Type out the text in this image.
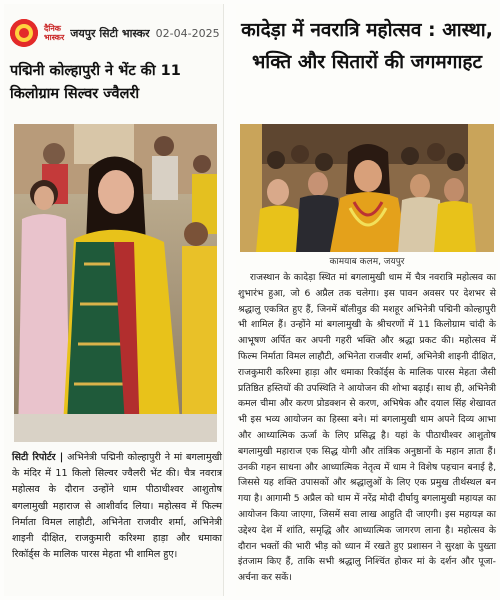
दैनिक भास्कर जयपुर सिटी भास्कर 02-04-2025
पद्मिनी कोल्हापुरी ने भेंट की 11 किलोग्राम सिल्वर ज्वैलरी
सिटी रिपोर्टर | अभिनेत्री पद्मिनी कोल्हापुरी ने मां बगलामुखी के मंदिर में 11 किलो सिल्वर ज्वैलरी भेंट की। चैत्र नवरात्र महोत्सव के दौरान उन्होंने धाम पीठाधीश्वर आशुतोष बगलामुखी महाराज से आशीर्वाद लिया। महोत्सव में फिल्म निर्माता विमल लाहौटी, अभिनेता राजवीर शर्मा, अभिनेत्री शाइनी दीक्षित, राजकुमारी करिश्मा हाड़ा और धमाका रिकॉर्ड्स के मालिक पारस मेहता भी शामिल हुए।
कादेड़ा में नवरात्रि महोत्सव : आस्था, भक्ति और सितारों की जगमगाहट
कामयाब कलम, जयपुर
राजस्थान के कादेड़ा स्थित मां बगलामुखी धाम में चैत्र नवरात्रि महोत्सव का शुभारंभ हुआ, जो 6 अप्रैल तक चलेगा। इस पावन अवसर पर देशभर से श्रद्धालु एकत्रित हुए हैं, जिनमें बॉलीवुड की मशहूर अभिनेत्री पद्मिनी कोल्हापुरी भी शामिल हैं। उन्होंने मां बगलामुखी के श्रीचरणों में 11 किलोग्राम चांदी के आभूषण अर्पित कर अपनी गहरी भक्ति और श्रद्धा प्रकट की। महोत्सव में फिल्म निर्माता विमल लाहौटी, अभिनेता राजवीर शर्मा, अभिनेत्री शाइनी दीक्षित, राजकुमारी करिश्मा हाड़ा और धमाका रिकॉर्ड्स के मालिक पारस मेहता जैसी प्रतिष्ठित हस्तियों की उपस्थिति ने आयोजन की शोभा बढ़ाई। साथ ही, अभिनेत्री कमल चीमा और करण प्रोडक्शन से करण, अभिषेक और दयाल सिंह शेखावत भी इस भव्य आयोजन का हिस्सा बने। मां बगलामुखी धाम अपने दिव्य आभा और आध्यात्मिक ऊर्जा के लिए प्रसिद्ध है। यहां के पीठाधीश्वर आशुतोष बगलामुखी महाराज एक सिद्ध योगी और तांत्रिक अनुष्ठानों के महान ज्ञाता हैं। उनकी गहन साधना और आध्यात्मिक नेतृत्व में धाम ने विशेष पहचान बनाई है, जिससे यह शक्ति उपासकों और श्रद्धालुओं के लिए एक प्रमुख तीर्थस्थल बन गया है। आगामी 5 अप्रैल को धाम में नरेंद्र मोदी दीर्घायु बगलामुखी महायज्ञ का आयोजन किया जाएगा, जिसमें सवा लाख आहुति दी जाएगी। इस महायज्ञ का उद्देश्य देश में शांति, समृद्धि और आध्यात्मिक जागरण लाना है। महोत्सव के दौरान भक्तों की भारी भीड़ को ध्यान में रखते हुए प्रशासन ने सुरक्षा के पुख्ता इंतजाम किए हैं, ताकि सभी श्रद्धालु निश्चिंत होकर मां के दर्शन और पूजा-अर्चना कर सकें।
